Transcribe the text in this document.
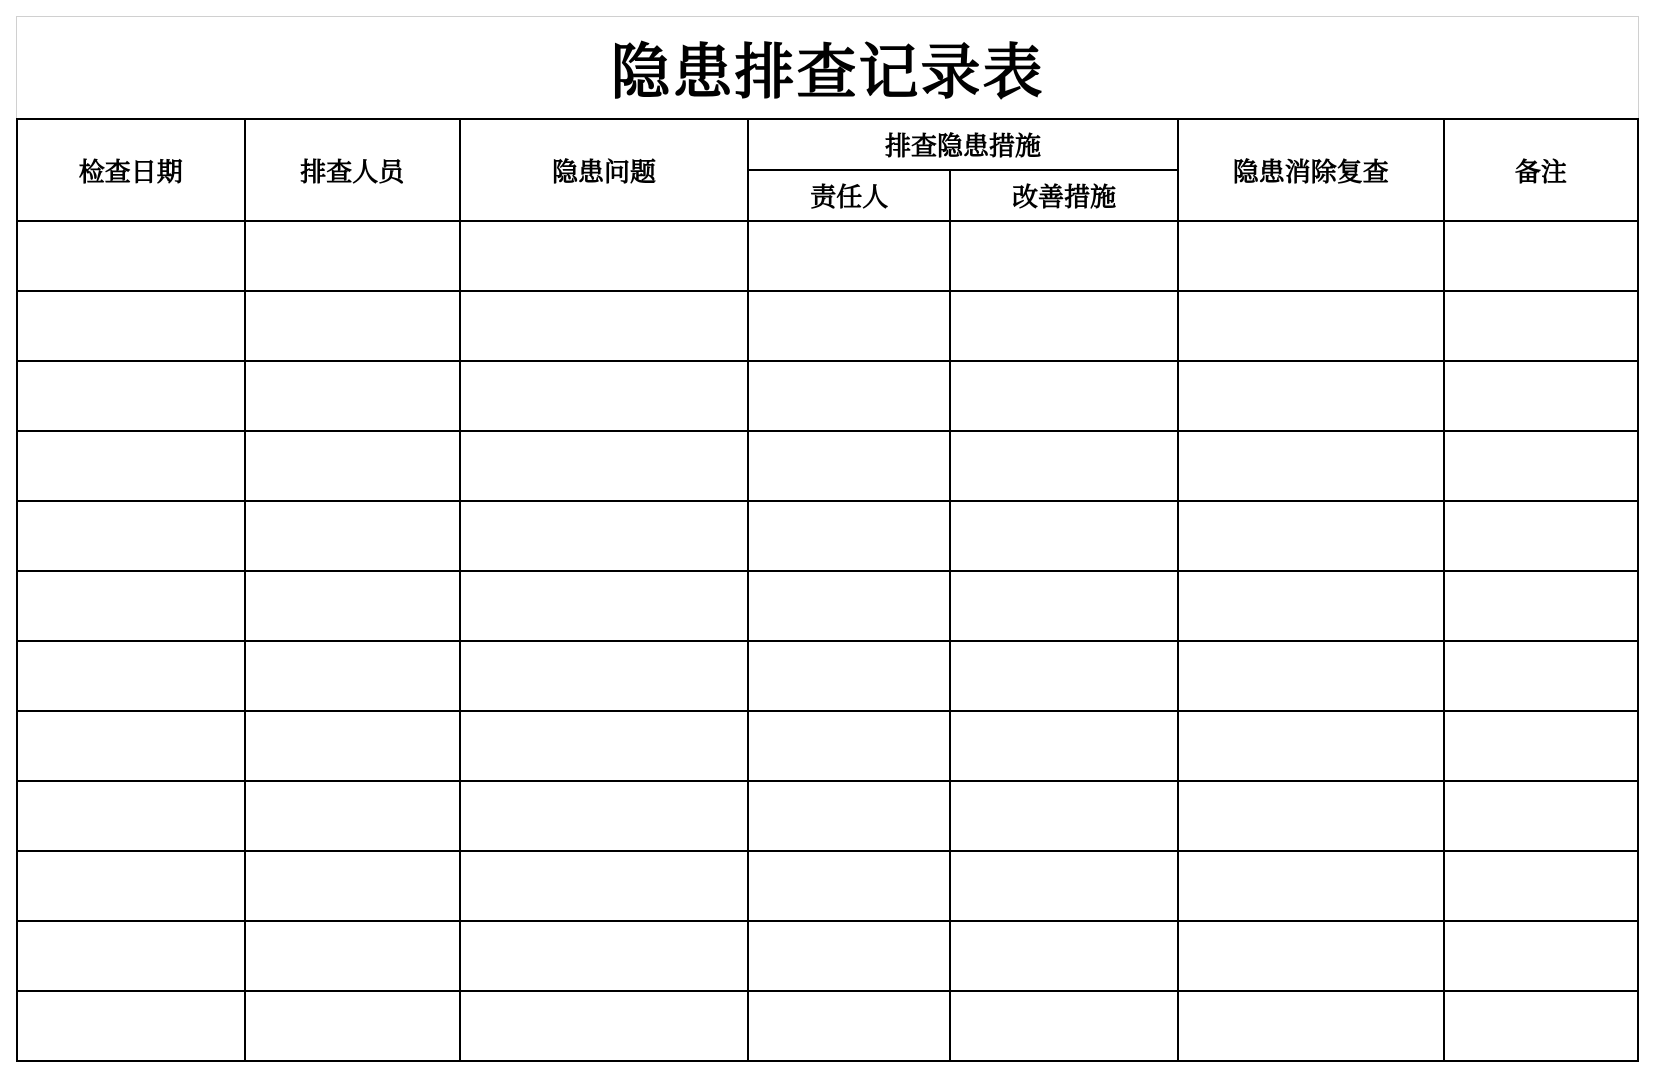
隐患排查记录表
检查日期	排查人员	隐患问题	排查隐患措施		隐患消除复查	备注
			责任人	改善措施		
